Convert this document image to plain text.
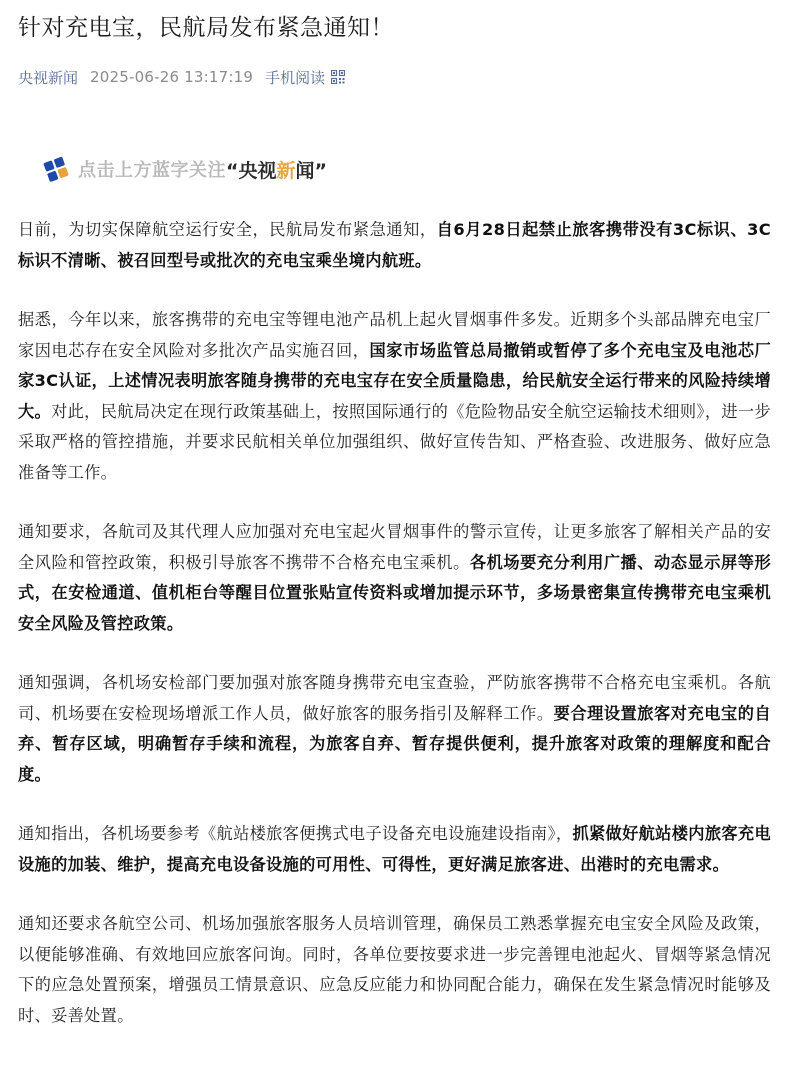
针对充电宝，民航局发布紧急通知！
央视新闻 2025-06-26 13:17:19 手机阅读
点击上方蓝字关注 “央视新闻”

日前，为切实保障航空运行安全，民航局发布紧急通知，自6月28日起禁止旅客携带没有3C标识、3C标识不清晰、被召回型号或批次的充电宝乘坐境内航班。

据悉，今年以来，旅客携带的充电宝等锂电池产品机上起火冒烟事件多发。近期多个头部品牌充电宝厂家因电芯存在安全风险对多批次产品实施召回，国家市场监管总局撤销或暂停了多个充电宝及电池芯厂家3C认证，上述情况表明旅客随身携带的充电宝存在安全质量隐患，给民航安全运行带来的风险持续增大。对此，民航局决定在现行政策基础上，按照国际通行的《危险物品安全航空运输技术细则》，进一步采取严格的管控措施，并要求民航相关单位加强组织、做好宣传告知、严格查验、改进服务、做好应急准备等工作。

通知要求，各航司及其代理人应加强对充电宝起火冒烟事件的警示宣传，让更多旅客了解相关产品的安全风险和管控政策，积极引导旅客不携带不合格充电宝乘机。各机场要充分利用广播、动态显示屏等形式，在安检通道、值机柜台等醒目位置张贴宣传资料或增加提示环节，多场景密集宣传携带充电宝乘机安全风险及管控政策。

通知强调，各机场安检部门要加强对旅客随身携带充电宝查验，严防旅客携带不合格充电宝乘机。各航司、机场要在安检现场增派工作人员，做好旅客的服务指引及解释工作。要合理设置旅客对充电宝的自弃、暂存区域，明确暂存手续和流程，为旅客自弃、暂存提供便利，提升旅客对政策的理解度和配合度。

通知指出，各机场要参考《航站楼旅客便携式电子设备充电设施建设指南》，抓紧做好航站楼内旅客充电设施的加装、维护，提高充电设备设施的可用性、可得性，更好满足旅客进、出港时的充电需求。

通知还要求各航空公司、机场加强旅客服务人员培训管理，确保员工熟悉掌握充电宝安全风险及政策，以便能够准确、有效地回应旅客问询。同时，各单位要按要求进一步完善锂电池起火、冒烟等紧急情况下的应急处置预案，增强员工情景意识、应急反应能力和协同配合能力，确保在发生紧急情况时能够及时、妥善处置。
